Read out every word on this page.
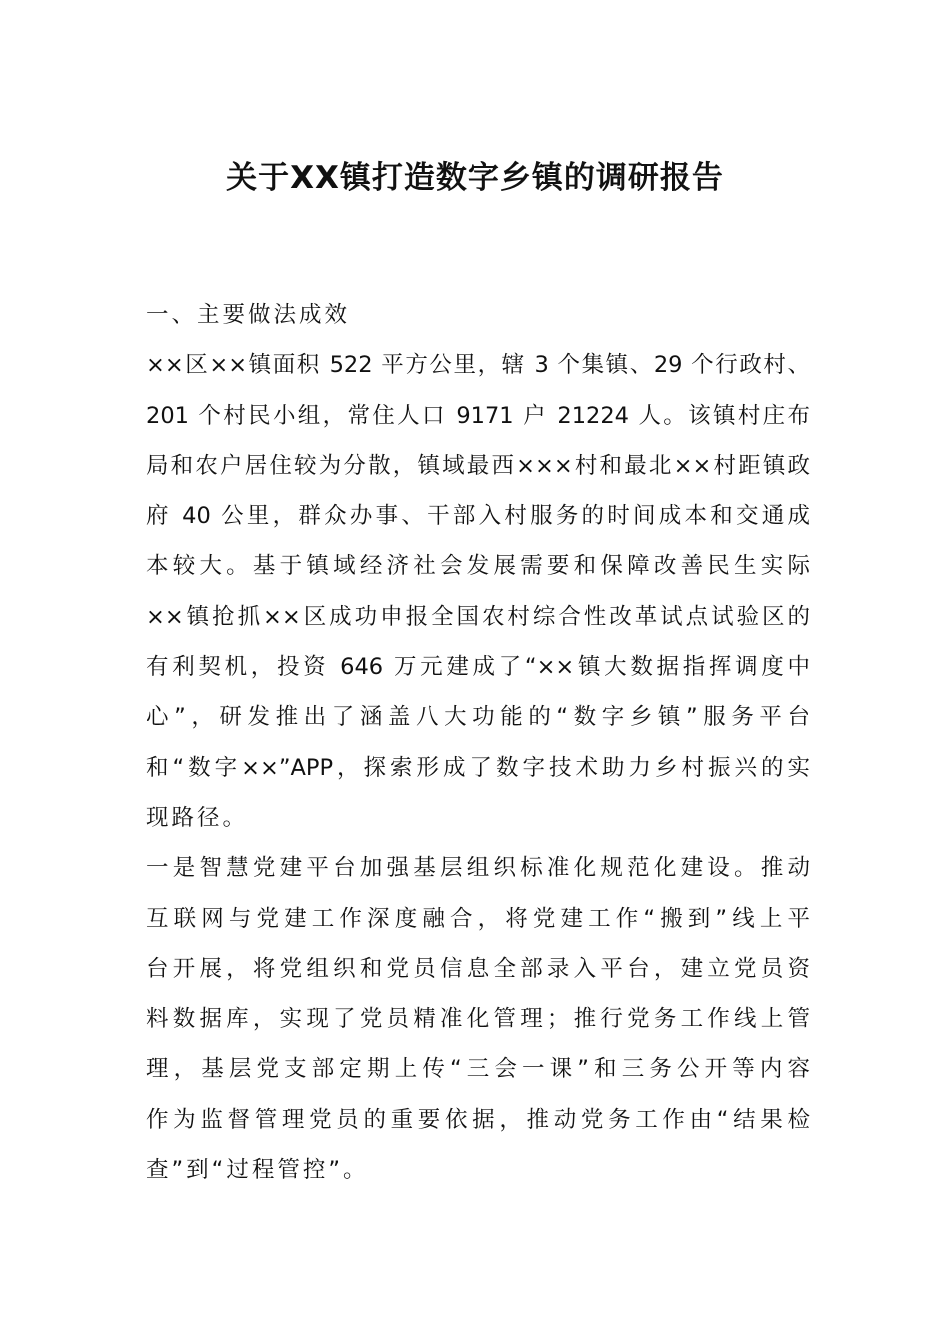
关于XX镇打造数字乡镇的调研报告
一、主要做法成效
××区××镇面积 522 平方公里，辖 3 个集镇、29 个行政村、
201 个村民小组，常住人口 9171 户 21224 人。该镇村庄布
局和农户居住较为分散，镇域最西×××村和最北××村距镇政
府 40 公里，群众办事、干部入村服务的时间成本和交通成
本较大。基于镇域经济社会发展需要和保障改善民生实际
××镇抢抓××区成功申报全国农村综合性改革试点试验区的
有利契机，投资 646 万元建成了“××镇大数据指挥调度中
心”，研发推出了涵盖八大功能的“数字乡镇”服务平台
和“数字××”APP，探索形成了数字技术助力乡村振兴的实
现路径。
一是智慧党建平台加强基层组织标准化规范化建设。推动
互联网与党建工作深度融合，将党建工作“搬到”线上平
台开展，将党组织和党员信息全部录入平台，建立党员资
料数据库，实现了党员精准化管理；推行党务工作线上管
理，基层党支部定期上传“三会一课”和三务公开等内容
作为监督管理党员的重要依据，推动党务工作由“结果检
查”到“过程管控”。
